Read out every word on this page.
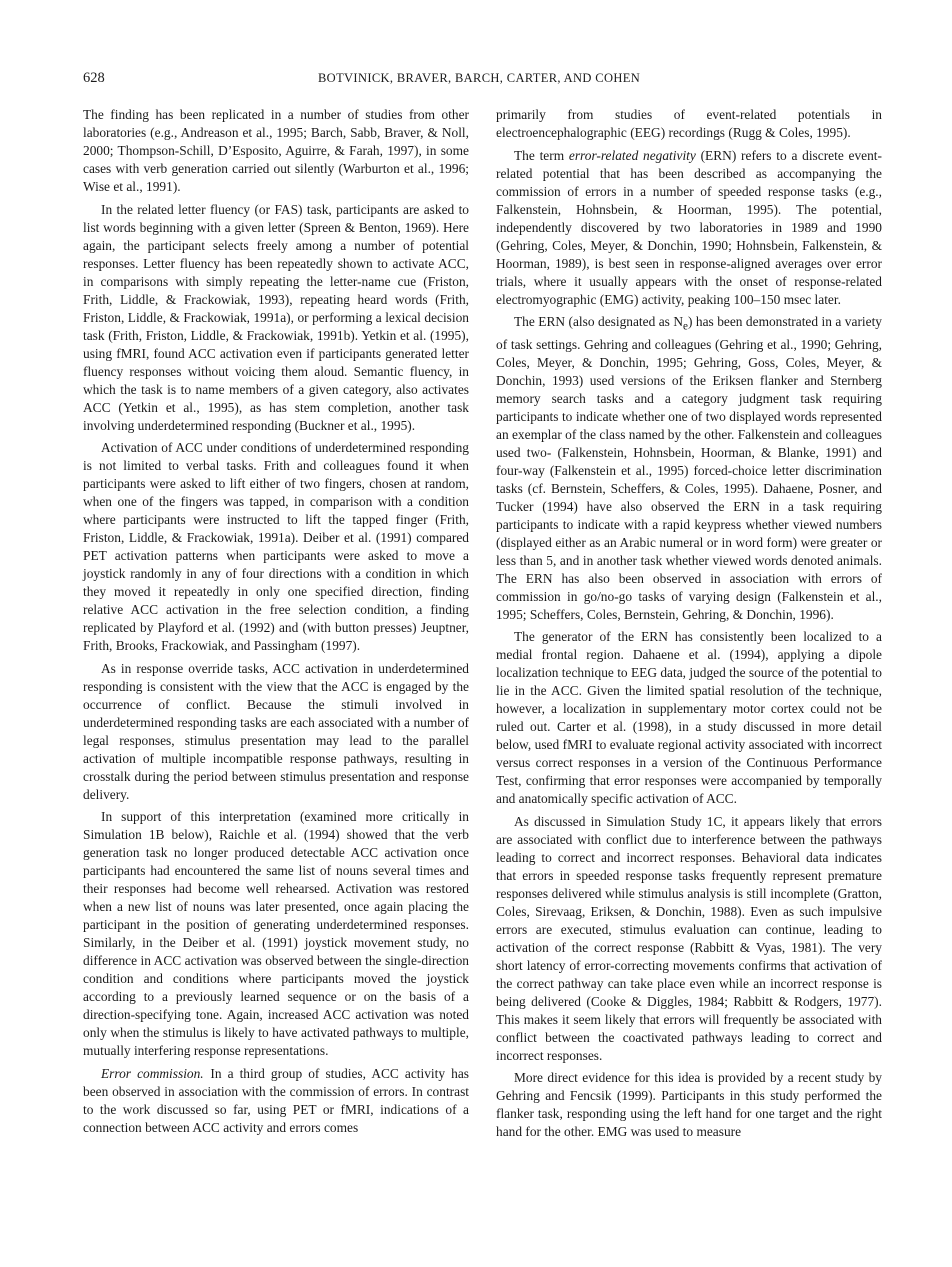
628	BOTVINICK, BRAVER, BARCH, CARTER, AND COHEN

The finding has been replicated in a number of studies from other laboratories (e.g., Andreason et al., 1995; Barch, Sabb, Braver, & Noll, 2000; Thompson-Schill, D’Esposito, Aguirre, & Farah, 1997), in some cases with verb generation carried out silently (Warburton et al., 1996; Wise et al., 1991).

In the related letter fluency (or FAS) task, participants are asked to list words beginning with a given letter (Spreen & Benton, 1969). Here again, the participant selects freely among a number of potential responses. Letter fluency has been repeatedly shown to activate ACC, in comparisons with simply repeating the letter-name cue (Friston, Frith, Liddle, & Frackowiak, 1993), repeating heard words (Frith, Friston, Liddle, & Frackowiak, 1991a), or performing a lexical decision task (Frith, Friston, Liddle, & Frackowiak, 1991b). Yetkin et al. (1995), using fMRI, found ACC activation even if participants generated letter fluency responses without voicing them aloud. Semantic fluency, in which the task is to name members of a given category, also activates ACC (Yetkin et al., 1995), as has stem completion, another task involving underdetermined responding (Buckner et al., 1995).

Activation of ACC under conditions of underdetermined responding is not limited to verbal tasks. Frith and colleagues found it when participants were asked to lift either of two fingers, chosen at random, when one of the fingers was tapped, in comparison with a condition where participants were instructed to lift the tapped finger (Frith, Friston, Liddle, & Frackowiak, 1991a). Deiber et al. (1991) compared PET activation patterns when participants were asked to move a joystick randomly in any of four directions with a condition in which they moved it repeatedly in only one specified direction, finding relative ACC activation in the free selection condition, a finding replicated by Playford et al. (1992) and (with button presses) Jeuptner, Frith, Brooks, Frackowiak, and Passingham (1997).

As in response override tasks, ACC activation in underdetermined responding is consistent with the view that the ACC is engaged by the occurrence of conflict. Because the stimuli involved in underdetermined responding tasks are each associated with a number of legal responses, stimulus presentation may lead to the parallel activation of multiple incompatible response pathways, resulting in crosstalk during the period between stimulus presentation and response delivery.

In support of this interpretation (examined more critically in Simulation 1B below), Raichle et al. (1994) showed that the verb generation task no longer produced detectable ACC activation once participants had encountered the same list of nouns several times and their responses had become well rehearsed. Activation was restored when a new list of nouns was later presented, once again placing the participant in the position of generating underdetermined responses. Similarly, in the Deiber et al. (1991) joystick movement study, no difference in ACC activation was observed between the single-direction condition and conditions where participants moved the joystick according to a previously learned sequence or on the basis of a direction-specifying tone. Again, increased ACC activation was noted only when the stimulus is likely to have activated pathways to multiple, mutually interfering response representations.

Error commission.  In a third group of studies, ACC activity has been observed in association with the commission of errors. In contrast to the work discussed so far, using PET or fMRI, indications of a connection between ACC activity and errors comes

primarily from studies of event-related potentials in electroencephalographic (EEG) recordings (Rugg & Coles, 1995).

The term error-related negativity (ERN) refers to a discrete event-related potential that has been described as accompanying the commission of errors in a number of speeded response tasks (e.g., Falkenstein, Hohnsbein, & Hoorman, 1995). The potential, independently discovered by two laboratories in 1989 and 1990 (Gehring, Coles, Meyer, & Donchin, 1990; Hohnsbein, Falkenstein, & Hoorman, 1989), is best seen in response-aligned averages over error trials, where it usually appears with the onset of response-related electromyographic (EMG) activity, peaking 100–150 msec later.

The ERN (also designated as $N_e$) has been demonstrated in a variety of task settings. Gehring and colleagues (Gehring et al., 1990; Gehring, Coles, Meyer, & Donchin, 1995; Gehring, Goss, Coles, Meyer, & Donchin, 1993) used versions of the Eriksen flanker and Sternberg memory search tasks and a category judgment task requiring participants to indicate whether one of two displayed words represented an exemplar of the class named by the other. Falkenstein and colleagues used two- (Falkenstein, Hohnsbein, Hoorman, & Blanke, 1991) and four-way (Falkenstein et al., 1995) forced-choice letter discrimination tasks (cf. Bernstein, Scheffers, & Coles, 1995). Dahaene, Posner, and Tucker (1994) have also observed the ERN in a task requiring participants to indicate with a rapid keypress whether viewed numbers (displayed either as an Arabic numeral or in word form) were greater or less than 5, and in another task whether viewed words denoted animals. The ERN has also been observed in association with errors of commission in go/no-go tasks of varying design (Falkenstein et al., 1995; Scheffers, Coles, Bernstein, Gehring, & Donchin, 1996).

The generator of the ERN has consistently been localized to a medial frontal region. Dahaene et al. (1994), applying a dipole localization technique to EEG data, judged the source of the potential to lie in the ACC. Given the limited spatial resolution of the technique, however, a localization in supplementary motor cortex could not be ruled out. Carter et al. (1998), in a study discussed in more detail below, used fMRI to evaluate regional activity associated with incorrect versus correct responses in a version of the Continuous Performance Test, confirming that error responses were accompanied by temporally and anatomically specific activation of ACC.

As discussed in Simulation Study 1C, it appears likely that errors are associated with conflict due to interference between the pathways leading to correct and incorrect responses. Behavioral data indicates that errors in speeded response tasks frequently represent premature responses delivered while stimulus analysis is still incomplete (Gratton, Coles, Sirevaag, Eriksen, & Donchin, 1988). Even as such impulsive errors are executed, stimulus evaluation can continue, leading to activation of the correct response (Rabbitt & Vyas, 1981). The very short latency of error-correcting movements confirms that activation of the correct pathway can take place even while an incorrect response is being delivered (Cooke & Diggles, 1984; Rabbitt & Rodgers, 1977). This makes it seem likely that errors will frequently be associated with conflict between the coactivated pathways leading to correct and incorrect responses.

More direct evidence for this idea is provided by a recent study by Gehring and Fencsik (1999). Participants in this study performed the flanker task, responding using the left hand for one target and the right hand for the other. EMG was used to measure
